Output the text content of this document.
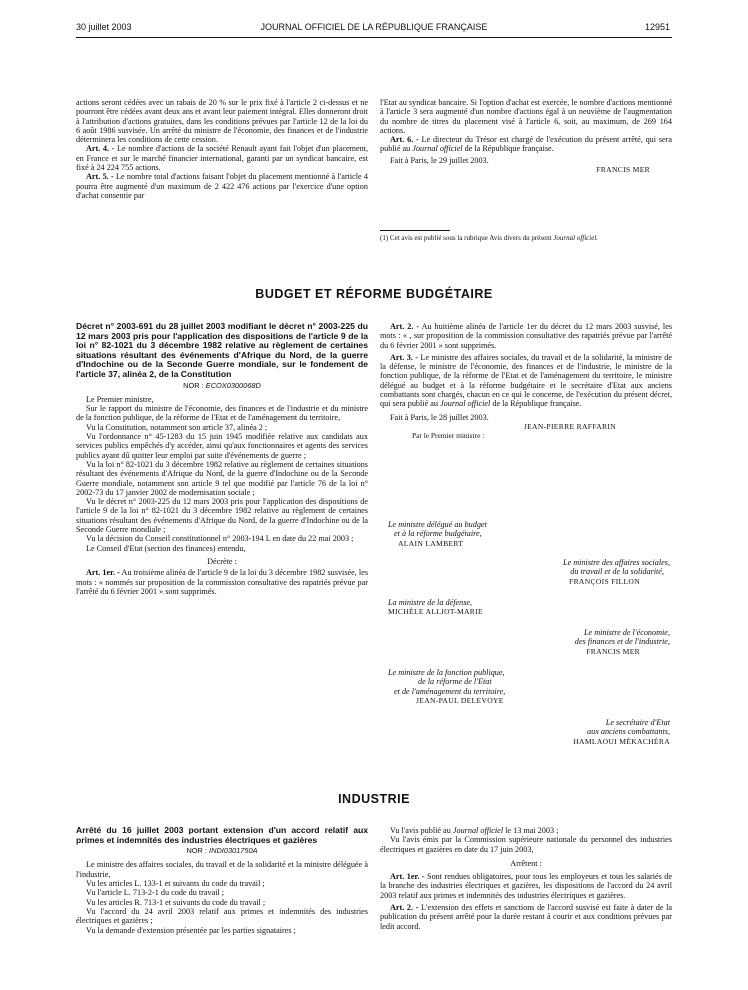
30 juillet 2003	JOURNAL OFFICIEL DE LA RÉPUBLIQUE FRANÇAISE	12951

actions seront cédées avec un rabais de 20 % sur le prix fixé à l'article 2 ci-dessus et ne pourront être cédées avant deux ans et avant leur paiement intégral. Elles donneront droit à l'attribution d'actions gratuites, dans les conditions prévues par l'article 12 de la loi du 6 août 1986 susvisée. Un arrêté du ministre de l'économie, des finances et de l'industrie déterminera les conditions de cette cession.

Art. 4. - Le nombre d'actions de la société Renault ayant fait l'objet d'un placement, en France et sur le marché financier international, garanti par un syndicat bancaire, est fixé à 24 224 755 actions.

Art. 5. - Le nombre total d'actions faisant l'objet du placement mentionné à l'article 4 pourra être augmenté d'un maximum de 2 422 476 actions par l'exercice d'une option d'achat consentie par

l'Etat au syndicat bancaire. Si l'option d'achat est exercée, le nombre d'actions mentionné à l'article 3 sera augmenté d'un nombre d'actions égal à un neuvième de l'augmentation du nombre de titres du placement visé à l'article 6, soit, au maximum, de 269 164 actions.

Art. 6. - Le directeur du Trésor est chargé de l'exécution du présent arrêté, qui sera publié au Journal officiel de la République française.

Fait à Paris, le 29 juillet 2003.

FRANCIS MER

(1) Cet avis est publié sous la rubrique Avis divers du présent Journal officiel.
BUDGET ET RÉFORME BUDGÉTAIRE
Décret n° 2003-691 du 28 juillet 2003 modifiant le décret n° 2003-225 du 12 mars 2003 pris pour l'application des dispositions de l'article 9 de la loi n° 82-1021 du 3 décembre 1982 relative au règlement de certaines situations résultant des événements d'Afrique du Nord, de la guerre d'Indochine ou de la Seconde Guerre mondiale, sur le fondement de l'article 37, alinéa 2, de la Constitution
NOR : ECOX0300068D

Le Premier ministre,

Sur le rapport du ministre de l'économie, des finances et de l'industrie et du ministre de la fonction publique, de la réforme de l'Etat et de l'aménagement du territoire,

Vu la Constitution, notamment son article 37, alinéa 2 ;

Vu l'ordonnance n° 45-1283 du 15 juin 1945 modifiée relative aux candidats aux services publics empêchés d'y accéder, ainsi qu'aux fonctionnaires et agents des services publics ayant dû quitter leur emploi par suite d'événements de guerre ;

Vu la loi n° 82-1021 du 3 décembre 1982 relative au règlement de certaines situations résultant des événements d'Afrique du Nord, de la guerre d'Indochine ou de la Seconde Guerre mondiale, notamment son article 9 tel que modifié par l'article 76 de la loi n° 2002-73 du 17 janvier 2002 de modernisation sociale ;

Vu le décret n° 2003-225 du 12 mars 2003 pris pour l'application des dispositions de l'article 9 de la loi n° 82-1021 du 3 décembre 1982 relative au règlement de certaines situations résultant des événements d'Afrique du Nord, de la guerre d'Indochine ou de la Seconde Guerre mondiale ;

Vu la décision du Conseil constitutionnel n° 2003-194 L en date du 22 mai 2003 ;

Le Conseil d'Etat (section des finances) entendu,

Décrète :

Art. 1er. - Au troisième alinéa de l'article 9 de la loi du 3 décembre 1982 susvisée, les mots : « nommés sur proposition de la commission consultative des rapatriés prévue par l'arrêté du 6 février 2001 » sont supprimés.

Art. 2. - Au huitième alinéa de l'article 1er du décret du 12 mars 2003 susvisé, les mots : « , sur proposition de la commission consultative des rapatriés prévue par l'arrêté du 6 février 2001 » sont supprimés.

Art. 3. - Le ministre des affaires sociales, du travail et de la solidarité, la ministre de la défense, le ministre de l'économie, des finances et de l'industrie, le ministre de la fonction publique, de la réforme de l'Etat et de l'aménagement du territoire, le ministre délégué au budget et à la réforme budgétaire et le secrétaire d'Etat aux anciens combattants sont chargés, chacun en ce qui le concerne, de l'exécution du présent décret, qui sera publié au Journal officiel de la République française.

Fait à Paris, le 28 juillet 2003.

JEAN-PIERRE RAFFARIN

Par le Premier ministre :

Le ministre délégué au budget
et à la réforme budgétaire,
ALAIN LAMBERT
Le ministre des affaires sociales,
du travail et de la solidarité,
FRANÇOIS FILLON
La ministre de la défense,
MICHÈLE ALLIOT-MARIE
Le ministre de l'économie,
des finances et de l'industrie,
FRANCIS MER
Le ministre de la fonction publique,
de la réforme de l'Etat
et de l'aménagement du territoire,
JEAN-PAUL DELEVOYE
Le secrétaire d'Etat
aux anciens combattants,
HAMLAOUI MÉKACHÉRA
INDUSTRIE
Arrêté du 16 juillet 2003 portant extension d'un accord relatif aux primes et indemnités des industries électriques et gazières
NOR : INDI0301750A

Le ministre des affaires sociales, du travail et de la solidarité et la ministre déléguée à l'industrie,

Vu les articles L. 133-1 et suivants du code du travail ;

Vu l'article L. 713-2-1 du code du travail ;

Vu les articles R. 713-1 et suivants du code du travail ;

Vu l'accord du 24 avril 2003 relatif aux primes et indemnités des industries électriques et gazières ;

Vu la demande d'extension présentée par les parties signataires ;

Vu l'avis publié au Journal officiel le 13 mai 2003 ;

Vu l'avis émis par la Commission supérieure nationale du personnel des industries électriques et gazières en date du 17 juin 2003,

Arrêtent :

Art. 1er. - Sont rendues obligatoires, pour tous les employeurs et tous les salariés de la branche des industries électriques et gazières, les dispositions de l'accord du 24 avril 2003 relatif aux primes et indemnités des industries électriques et gazières.

Art. 2. - L'extension des effets et sanctions de l'accord susvisé est faite à dater de la publication du présent arrêté pour la durée restant à courir et aux conditions prévues par ledit accord.
